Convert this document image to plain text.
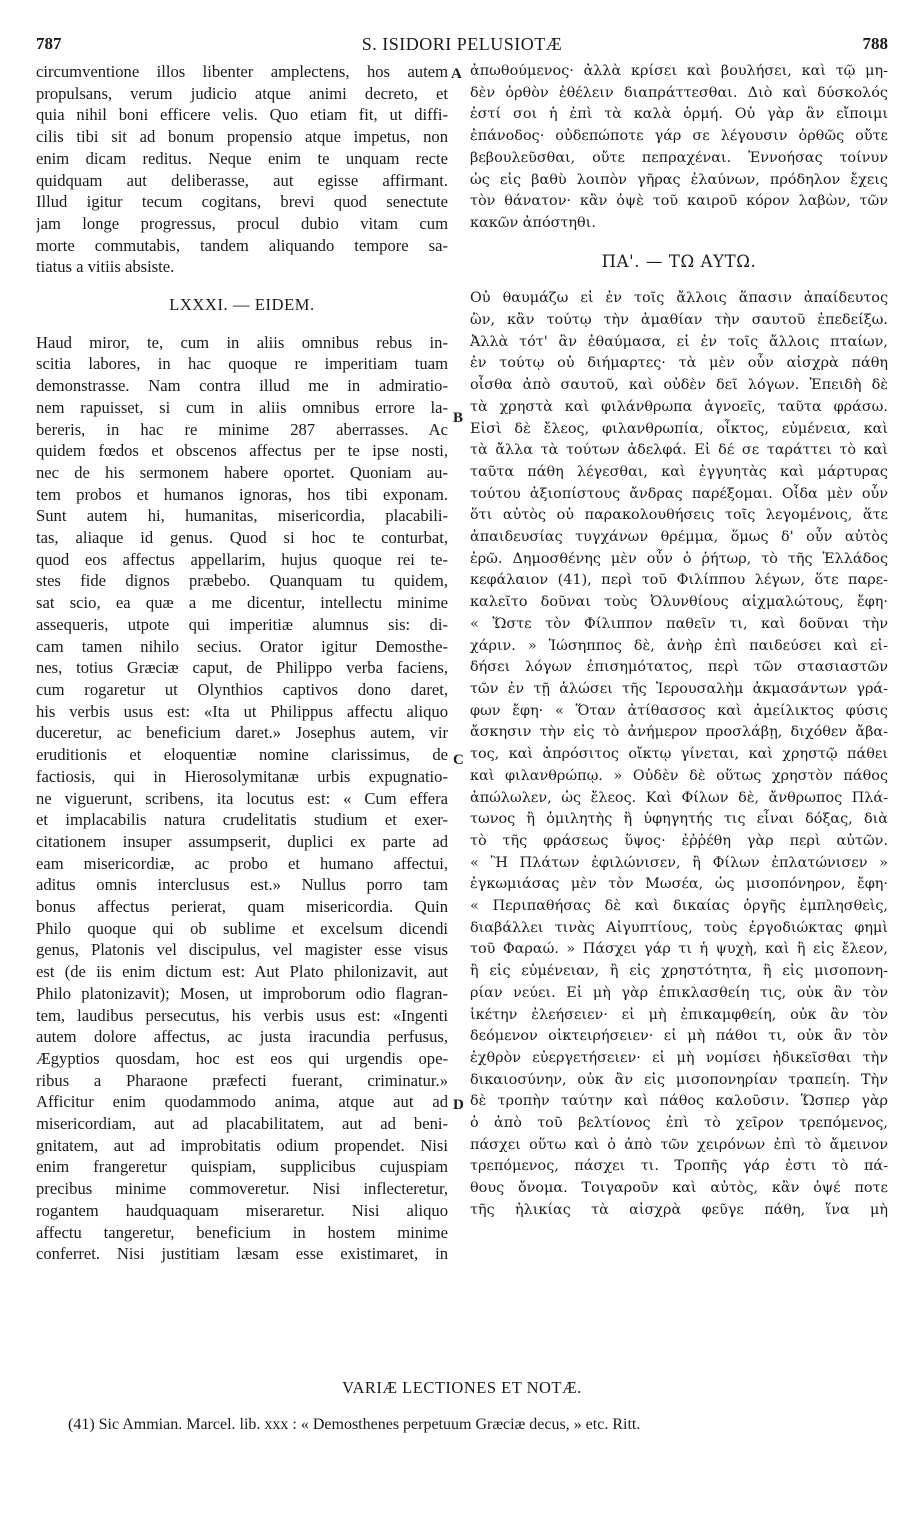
787	S. ISIDORI PELUSIOTÆ	788
circumventione illos libenter amplectens, hos autem
propulsans, verum judicio atque animi decreto, et
quia nihil boni efficere velis. Quo etiam fit, ut diffi-
cilis tibi sit ad bonum propensio atque impetus, non
enim dicam reditus. Neque enim te unquam recte
quidquam aut deliberasse, aut egisse affirmant.
Illud igitur tecum cogitans, brevi quod senectute
jam longe progressus, procul dubio vitam cum
morte commutabis, tandem aliquando tempore sa-
tiatus a vitiis absiste.
LXXXI. — EIDEM.
Haud miror, te, cum in aliis omnibus rebus in-
scitia labores, in hac quoque re imperitiam tuam
demonstrasse. Nam contra illud me in admiratio-
nem rapuisset, si cum in aliis omnibus errore la-
bereris, in hac re minime 287 aberrasses. Ac
quidem fœdos et obscenos affectus per te ipse nosti,
nec de his sermonem habere oportet. Quoniam au-
tem probos et humanos ignoras, hos tibi exponam.
Sunt autem hi, humanitas, misericordia, placabili-
tas, aliaque id genus. Quod si hoc te conturbat,
quod eos affectus appellarim, hujus quoque rei te-
stes fide dignos præbebo. Quanquam tu quidem,
sat scio, ea quæ a me dicentur, intellectu minime
assequeris, utpote qui imperitiæ alumnus sis: di-
cam tamen nihilo secius. Orator igitur Demosthe-
nes, totius Græciæ caput, de Philippo verba faciens,
cum rogaretur ut Olynthios captivos dono daret,
his verbis usus est: «Ita ut Philippus affectu aliquo
duceretur, ac beneficium daret.» Josephus autem, vir
eruditionis et eloquentiæ nomine clarissimus, de
factiosis, qui in Hierosolymitanæ urbis expugnatio-
ne viguerunt, scribens, ita locutus est: « Cum effera
et implacabilis natura crudelitatis studium et exer-
citationem insuper assumpserit, duplici ex parte ad
eam misericordiæ, ac probo et humano affectui,
aditus omnis interclusus est.» Nullus porro tam
bonus affectus perierat, quam misericordia. Quin
Philo quoque qui ob sublime et excelsum dicendi
genus, Platonis vel discipulus, vel magister esse visus
est (de iis enim dictum est: Aut Plato philonizavit, aut
Philo platonizavit); Mosen, ut improborum odio flagran-
tem, laudibus persecutus, his verbis usus est: «Ingenti
autem dolore affectus, ac justa iracundia perfusus,
Ægyptios quosdam, hoc est eos qui urgendis ope-
ribus a Pharaone præfecti fuerant, criminatur.»
Afficitur enim quodammodo anima, atque aut ad
misericordiam, aut ad placabilitatem, aut ad beni-
gnitatem, aut ad improbitatis odium propendet. Nisi
enim frangeretur quispiam, supplicibus cujuspiam
precibus minime commoveretur. Nisi inflecteretur,
rogantem haudquaquam miseraretur. Nisi aliquo
affectu tangeretur, beneficium in hostem minime
conferret. Nisi justitiam læsam esse existimaret, in
ἀπωθούμενος· ἀλλὰ κρίσει καὶ βουλήσει, καὶ τῷ μη-
δὲν ὀρθὸν ἐθέλειν διαπράττεσθαι. Διὸ καὶ δύσκολός
ἐστί σοι ἡ ἐπὶ τὰ καλὰ ὁρμή. Οὐ γὰρ ἂν εἴποιμι
ἐπάνοδος· οὐδεπώποτε γάρ σε λέγουσιν ὀρθῶς οὔτε
βεβουλεῦσθαι, οὔτε πεπραχέναι. Ἐννοήσας τοίνυν
ὡς εἰς βαθὺ λοιπὸν γῆρας ἐλαύνων, πρόδηλον ἔχεις
τὸν θάνατον· κἂν ὀψὲ τοῦ καιροῦ κόρον λαβὼν, τῶν
κακῶν ἀπόστηθι.
ΠΑ'. — ΤΩ ΑΥΤΩ.
Οὐ θαυμάζω εἰ ἐν τοῖς ἄλλοις ἅπασιν ἀπαίδευτος
ὢν, κἂν τούτῳ τὴν ἀμαθίαν τὴν σαυτοῦ ἐπεδείξω.
Ἀλλὰ τότ' ἂν ἐθαύμασα, εἰ ἐν τοῖς ἄλλοις πταίων,
ἐν τούτῳ οὐ διήμαρτες· τὰ μὲν οὖν αἰσχρὰ πάθη
οἶσθα ἀπὸ σαυτοῦ, καὶ οὐδὲν δεῖ λόγων. Ἐπειδὴ δὲ
τὰ χρηστὰ καὶ φιλάνθρωπα ἀγνοεῖς, ταῦτα φράσω.
Εἰσὶ δὲ ἔλεος, φιλανθρωπία, οἶκτος, εὐμένεια, καὶ
τὰ ἄλλα τὰ τούτων ἀδελφά. Εἰ δέ σε ταράττει τὸ καὶ
ταῦτα πάθη λέγεσθαι, καὶ ἐγγυητὰς καὶ μάρτυρας
τούτου ἀξιοπίστους ἄνδρας παρέξομαι. Οἶδα μὲν οὖν
ὅτι αὐτὸς οὐ παρακολουθήσεις τοῖς λεγομένοις, ἅτε
ἀπαιδευσίας τυγχάνων θρέμμα, ὅμως δ' οὖν αὐτὸς
ἐρῶ. Δημοσθένης μὲν οὖν ὁ ῥήτωρ, τὸ τῆς Ἑλλάδος
κεφάλαιον (41), περὶ τοῦ Φιλίππου λέγων, ὅτε παρε-
καλεῖτο δοῦναι τοὺς Ὀλυνθίους αἰχμαλώτους, ἔφη·
« Ὥστε τὸν Φίλιππον παθεῖν τι, καὶ δοῦναι τὴν
χάριν. » Ἰώσηππος δὲ, ἀνὴρ ἐπὶ παιδεύσει καὶ εἰ-
δήσει λόγων ἐπισημότατος, περὶ τῶν στασιαστῶν
τῶν ἐν τῇ ἁλώσει τῆς Ἱερουσαλὴμ ἀκμασάντων γρά-
φων ἔφη· « Ὅταν ἀτίθασσος καὶ ἀμείλικτος φύσις
ἄσκησιν τὴν εἰς τὸ ἀνήμερον προσλάβῃ, διχόθεν ἄβα-
τος, καὶ ἀπρόσιτος οἴκτῳ γίνεται, καὶ χρηστῷ πάθει
καὶ φιλανθρώπῳ. » Οὐδὲν δὲ οὕτως χρηστὸν πάθος
ἀπώλωλεν, ὡς ἔλεος. Καὶ Φίλων δὲ, ἄνθρωπος Πλά-
τωνος ἢ ὁμιλητὴς ἢ ὑφηγητής τις εἶναι δόξας, διὰ
τὸ τῆς φράσεως ὕψος· ἐῤῥέθη γὰρ περὶ αὐτῶν.
« Ἢ Πλάτων ἐφιλώνισεν, ἢ Φίλων ἐπλατώνισεν »
ἐγκωμιάσας μὲν τὸν Μωσέα, ὡς μισοπόνηρον, ἔφη·
« Περιπαθήσας δὲ καὶ δικαίας ὀργῆς ἐμπλησθεὶς,
διαβάλλει τινὰς Αἰγυπτίους, τοὺς ἐργοδιώκτας φημὶ
τοῦ Φαραώ. » Πάσχει γάρ τι ἡ ψυχὴ, καὶ ἢ εἰς ἔλεον,
ἢ εἰς εὐμένειαν, ἢ εἰς χρηστότητα, ἢ εἰς μισοπονη-
ρίαν νεύει. Εἰ μὴ γὰρ ἐπικλασθείη τις, οὐκ ἂν τὸν
ἱκέτην ἐλεήσειεν· εἰ μὴ ἐπικαμφθείη, οὐκ ἂν τὸν
δεόμενον οἰκτειρήσειεν· εἰ μὴ πάθοι τι, οὐκ ἂν τὸν
ἐχθρὸν εὐεργετήσειεν· εἰ μὴ νομίσει ἠδικεῖσθαι τὴν
δικαιοσύνην, οὐκ ἂν εἰς μισοπονηρίαν τραπείη. Τὴν
δὲ τροπὴν ταύτην καὶ πάθος καλοῦσιν. Ὥσπερ γὰρ
ὁ ἀπὸ τοῦ βελτίονος ἐπὶ τὸ χεῖρον τρεπόμενος,
πάσχει οὕτω καὶ ὁ ἀπὸ τῶν χειρόνων ἐπὶ τὸ ἄμεινον
τρεπόμενος, πάσχει τι. Τροπῆς γάρ ἐστι τὸ πά-
θους ὄνομα. Τοιγαροῦν καὶ αὐτὸς, κἂν ὀψέ ποτε
τῆς ἡλικίας τὰ αἰσχρὰ φεῦγε πάθη, ἵνα μὴ
A
B
C
D
VARIÆ LECTIONES ET NOTÆ.
(41) Sic Ammian. Marcel. lib. xxx : « Demosthenes perpetuum Græciæ decus, » etc. Ritt.
